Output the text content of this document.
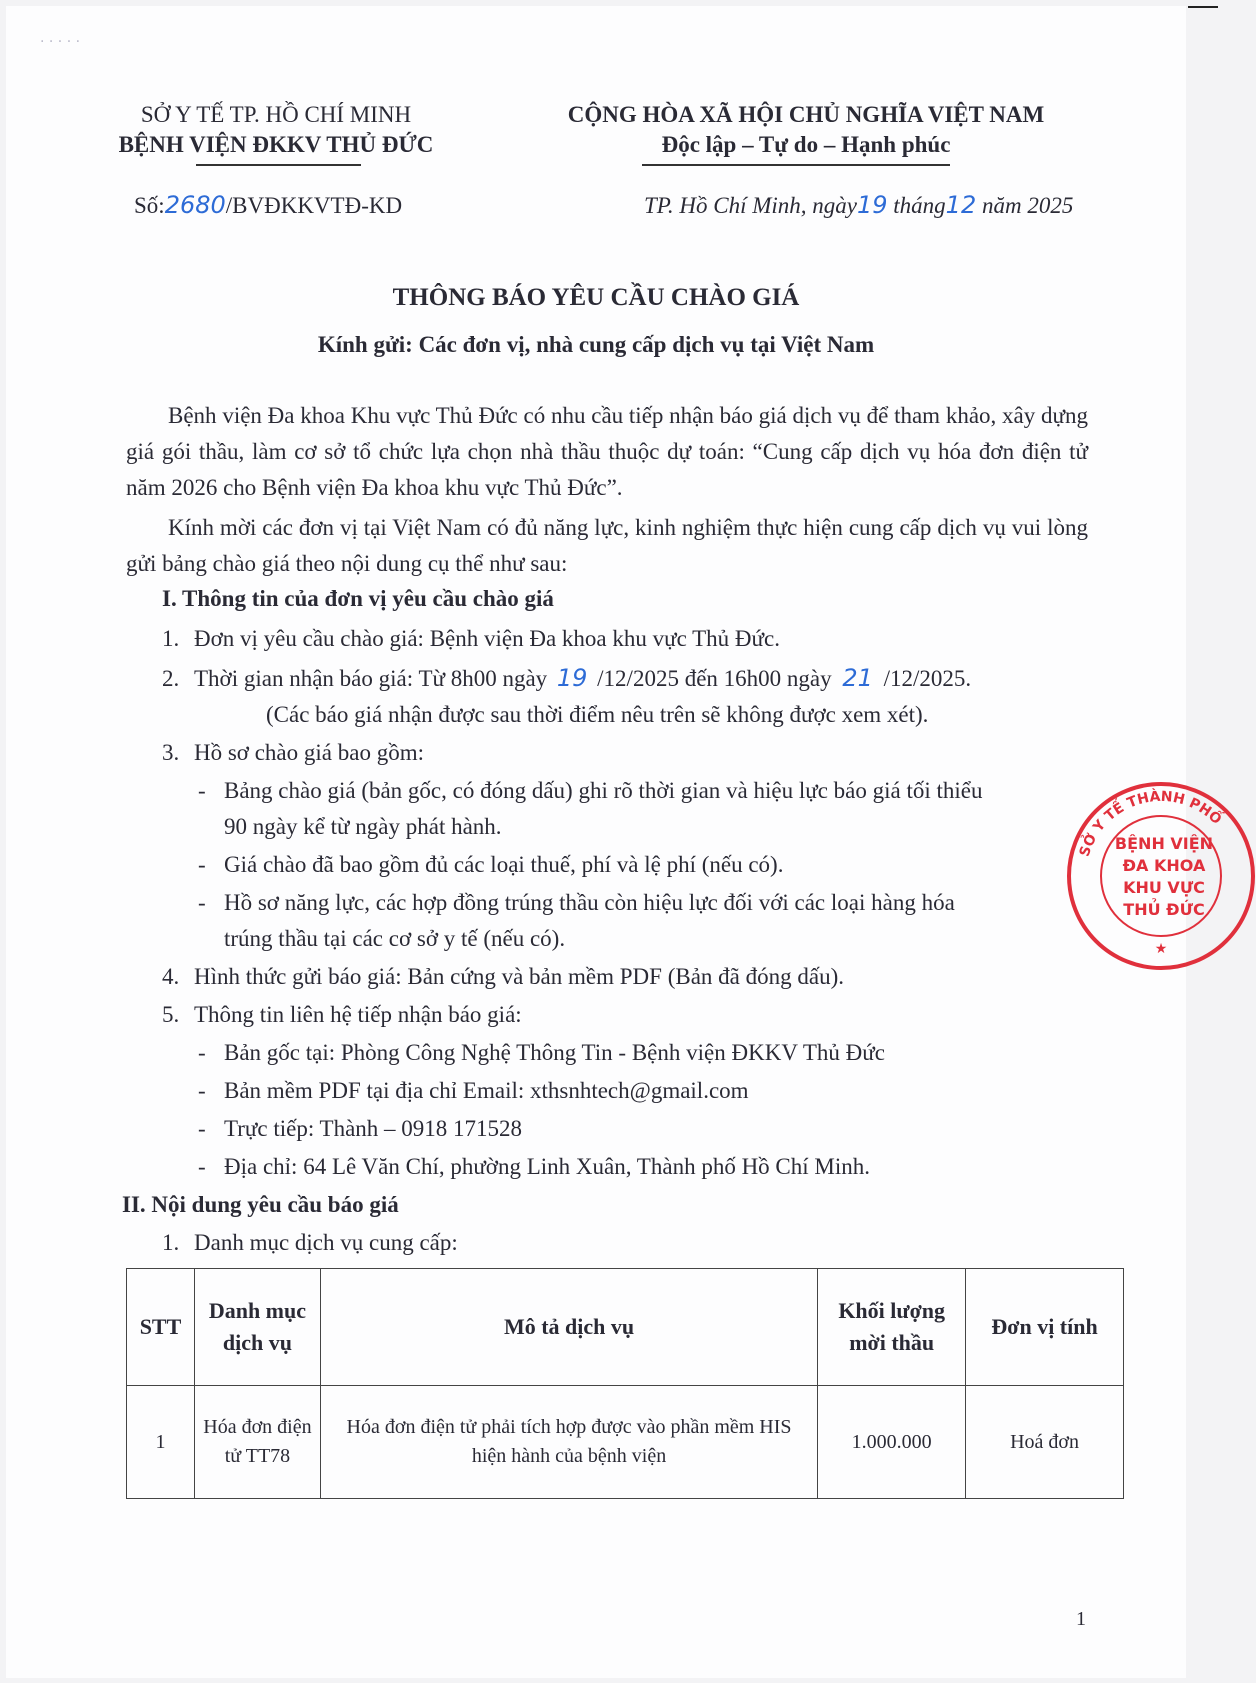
· · · · ·
SỞ Y TẾ TP. HỒ CHÍ MINH
BỆNH VIỆN ĐKKV THỦ ĐỨC
CỘNG HÒA XÃ HỘI CHỦ NGHĨA VIỆT NAM
Độc lập – Tự do – Hạnh phúc
Số:2680/BVĐKKVTĐ-KD	TP. Hồ Chí Minh, ngày19 tháng12 năm 2025
THÔNG BÁO YÊU CẦU CHÀO GIÁ
Kính gửi: Các đơn vị, nhà cung cấp dịch vụ tại Việt Nam
Bệnh viện Đa khoa Khu vực Thủ Đức có nhu cầu tiếp nhận báo giá dịch vụ để tham khảo, xây dựng giá gói thầu, làm cơ sở tổ chức lựa chọn nhà thầu thuộc dự toán: “Cung cấp dịch vụ hóa đơn điện tử năm 2026 cho Bệnh viện Đa khoa khu vực Thủ Đức”.
Kính mời các đơn vị tại Việt Nam có đủ năng lực, kinh nghiệm thực hiện cung cấp dịch vụ vui lòng gửi bảng chào giá theo nội dung cụ thể như sau:
I. Thông tin của đơn vị yêu cầu chào giá
1. Đơn vị yêu cầu chào giá: Bệnh viện Đa khoa khu vực Thủ Đức.
2. Thời gian nhận báo giá: Từ 8h00 ngày 19 /12/2025 đến 16h00 ngày 21 /12/2025.
(Các báo giá nhận được sau thời điểm nêu trên sẽ không được xem xét).
3. Hồ sơ chào giá bao gồm:
- Bảng chào giá (bản gốc, có đóng dấu) ghi rõ thời gian và hiệu lực báo giá tối thiểu
90 ngày kể từ ngày phát hành.
- Giá chào đã bao gồm đủ các loại thuế, phí và lệ phí (nếu có).
- Hồ sơ năng lực, các hợp đồng trúng thầu còn hiệu lực đối với các loại hàng hóa
trúng thầu tại các cơ sở y tế (nếu có).
4. Hình thức gửi báo giá: Bản cứng và bản mềm PDF (Bản đã đóng dấu).
5. Thông tin liên hệ tiếp nhận báo giá:
- Bản gốc tại: Phòng Công Nghệ Thông Tin - Bệnh viện ĐKKV Thủ Đức
- Bản mềm PDF tại địa chỉ Email: xthsnhtech@gmail.com
- Trực tiếp: Thành – 0918 171528
- Địa chỉ: 64 Lê Văn Chí, phường Linh Xuân, Thành phố Hồ Chí Minh.
II. Nội dung yêu cầu báo giá
1. Danh mục dịch vụ cung cấp:
STT	Danh mục dịch vụ	Mô tả dịch vụ	Khối lượng mời thầu	Đơn vị tính
1	Hóa đơn điện tử TT78	Hóa đơn điện tử phải tích hợp được vào phần mềm HIS hiện hành của bệnh viện	1.000.000	Hoá đơn
SỞ Y TẾ THÀNH PHỐ
BỆNH VIỆN
ĐA KHOA
KHU VỰC
THỦ ĐỨC
★
1
